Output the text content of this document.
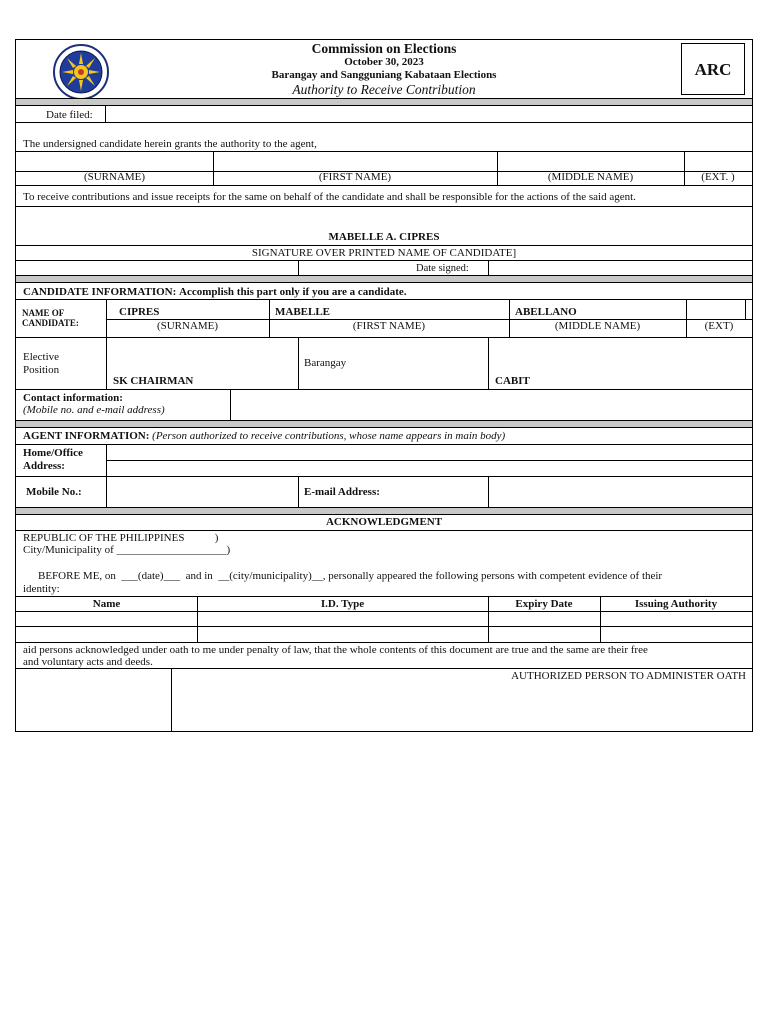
Commission on Elections
October 30, 2023
Barangay and Sangguniang Kabataan Elections
Authority to Receive Contribution
ARC
Date filed:
The undersigned candidate herein grants the authority to the agent,
(SURNAME)	(FIRST NAME)	(MIDDLE NAME)	(EXT. )
To receive contributions and issue receipts for the same on behalf of the candidate and shall be responsible for the actions of the said agent.
MABELLE A. CIPRES
SIGNATURE OVER PRINTED NAME OF CANDIDATE]
Date signed:
CANDIDATE INFORMATION: Accomplish this part only if you are a candidate.
NAME OF
CANDIDATE:
CIPRES	MABELLE	ABELLANO
(SURNAME)	(FIRST NAME)	(MIDDLE NAME)	(EXT)
Elective
Position
SK CHAIRMAN
Barangay
CABIT
Contact information:
(Mobile no. and e-mail address)
AGENT INFORMATION: (Person authorized to receive contributions, whose name appears in main body)
Home/Office
Address:
Mobile No.:	E-mail Address:
ACKNOWLEDGMENT
REPUBLIC OF THE PHILIPPINES           )
City/Municipality of ____________________)
BEFORE ME, on  ___(date)___  and in  __(city/municipality)__, personally appeared the following persons with competent evidence of their
identity:
Name	I.D. Type	Expiry Date	Issuing Authority
aid persons acknowledged under oath to me under penalty of law, that the whole contents of this document are true and the same are their free
and voluntary acts and deeds.
AUTHORIZED PERSON TO ADMINISTER OATH
